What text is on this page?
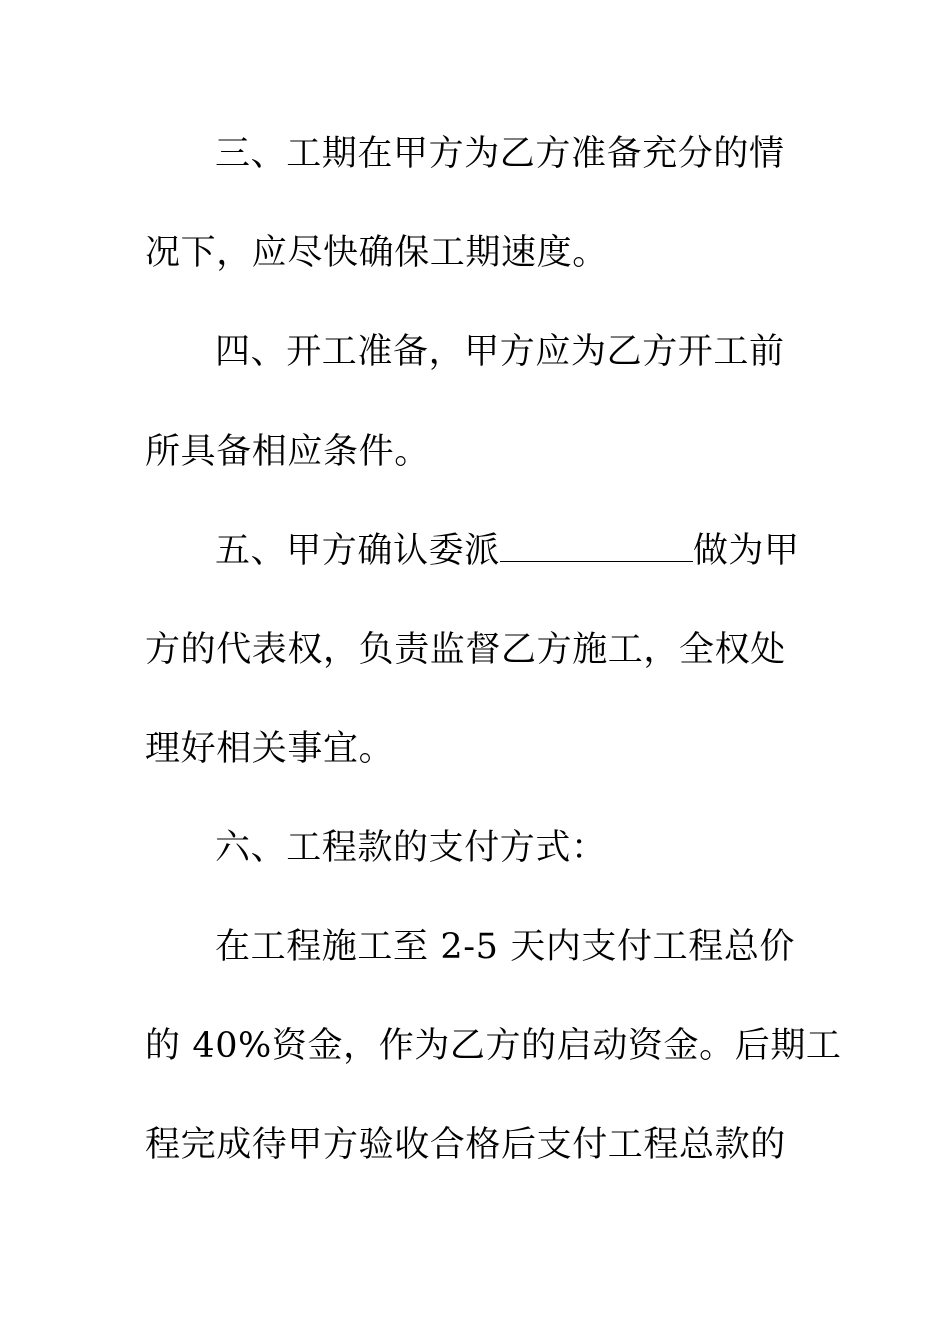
三、工期在甲方为乙方准备充分的情
况下，应尽快确保工期速度。
四、开工准备，甲方应为乙方开工前
所具备相应条件。
五、甲方确认委派	做为甲
方的代表权，负责监督乙方施工，全权处
理好相关事宜。
六、工程款的支付方式：
在工程施工至 2-5 天内支付工程总价
的 40%资金，作为乙方的启动资金。后期工
程完成待甲方验收合格后支付工程总款的
